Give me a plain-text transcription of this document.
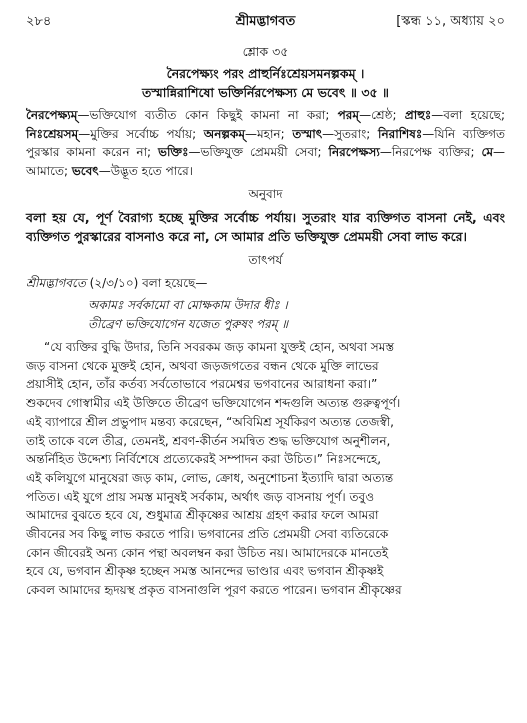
২৮৪	শ্রীমদ্ভাগবত	[স্কন্ধ ১১, অধ্যায় ২০
শ্লোক ৩৫
নৈরপেক্ষ্যং পরং প্রাহুর্নিঃশ্রেয়সমনল্পকম্ ।
তস্মান্নিরাশিষো ভক্তির্নিরপেক্ষস্য মে ভবেৎ ॥ ৩৫ ॥
নৈরপেক্ষ্যম্—ভক্তিযোগ ব্যতীত কোন কিছুই কামনা না করা; পরম্—শ্রেষ্ঠ; প্রাহুঃ—বলা হয়েছে; নিঃশ্রেয়সম্—মুক্তির সর্বোচ্চ পর্যায়; অনল্পকম্—মহান; তস্মাৎ—সুতরাং; নিরাশিষঃ—যিনি ব্যক্তিগত পুরস্কার কামনা করেন না; ভক্তিঃ—ভক্তিযুক্ত প্রেমময়ী সেবা; নিরপেক্ষস্য—নিরপেক্ষ ব্যক্তির; মে—আমাতে; ভবেৎ—উদ্ভূত হতে পারে।
অনুবাদ
বলা হয় যে, পূর্ণ বৈরাগ্য হচ্ছে মুক্তির সর্বোচ্চ পর্যায়। সুতরাং যার ব্যক্তিগত বাসনা নেই, এবং ব্যক্তিগত পুরস্কারের বাসনাও করে না, সে আমার প্রতি ভক্তিযুক্ত প্রেমময়ী সেবা লাভ করে।
তাৎপর্য
শ্রীমদ্ভাগবতে (২/৩/১০) বলা হয়েছে—
অকামঃ সর্বকামো বা মোক্ষকাম উদার ধীঃ ।
তীব্রেণ ভক্তিযোগেন যজেত পুরুষং পরম্ ॥
“যে ব্যক্তির বুদ্ধি উদার, তিনি সবরকম জড় কামনা যুক্তই হোন, অথবা সমস্ত
জড় বাসনা থেকে মুক্তই হোন, অথবা জড়জগতের বন্ধন থেকে মুক্তি লাভের
প্রয়াসীই হোন, তাঁর কর্তব্য সর্বতোভাবে পরমেশ্বর ভগবানের আরাধনা করা।”
শুকদেব গোস্বামীর এই উক্তিতে তীব্রেণ ভক্তিযোগেন শব্দগুলি অত্যন্ত গুরুত্বপূর্ণ।
এই ব্যাপারে শ্রীল প্রভুপাদ মন্তব্য করেছেন, “অবিমিশ্র সূর্যকিরণ অত্যন্ত তেজস্বী,
তাই তাকে বলে তীব্র, তেমনই, শ্রবণ-কীর্তন সমন্বিত শুদ্ধ ভক্তিযোগ অনুশীলন,
অন্তর্নিহিত উদ্দেশ্য নির্বিশেষে প্রত্যেকেরই সম্পাদন করা উচিত।” নিঃসন্দেহে,
এই কলিযুগে মানুষেরা জড় কাম, লোভ, ক্রোধ, অনুশোচনা ইত্যাদি দ্বারা অত্যন্ত
পতিত। এই যুগে প্রায় সমস্ত মানুষই সর্বকাম, অর্থাৎ জড় বাসনায় পূর্ণ। তবুও
আমাদের বুঝতে হবে যে, শুধুমাত্র শ্রীকৃষ্ণের আশ্রয় গ্রহণ করার ফলে আমরা
জীবনের সব কিছু লাভ করতে পারি। ভগবানের প্রতি প্রেমময়ী সেবা ব্যতিরেকে
কোন জীবেরই অন্য কোন পন্থা অবলম্বন করা উচিত নয়। আমাদেরকে মানতেই
হবে যে, ভগবান শ্রীকৃষ্ণ হচ্ছেন সমস্ত আনন্দের ভাণ্ডার এবং ভগবান শ্রীকৃষ্ণই
কেবল আমাদের হৃদয়স্থ প্রকৃত বাসনাগুলি পূরণ করতে পারেন। ভগবান শ্রীকৃষ্ণের
